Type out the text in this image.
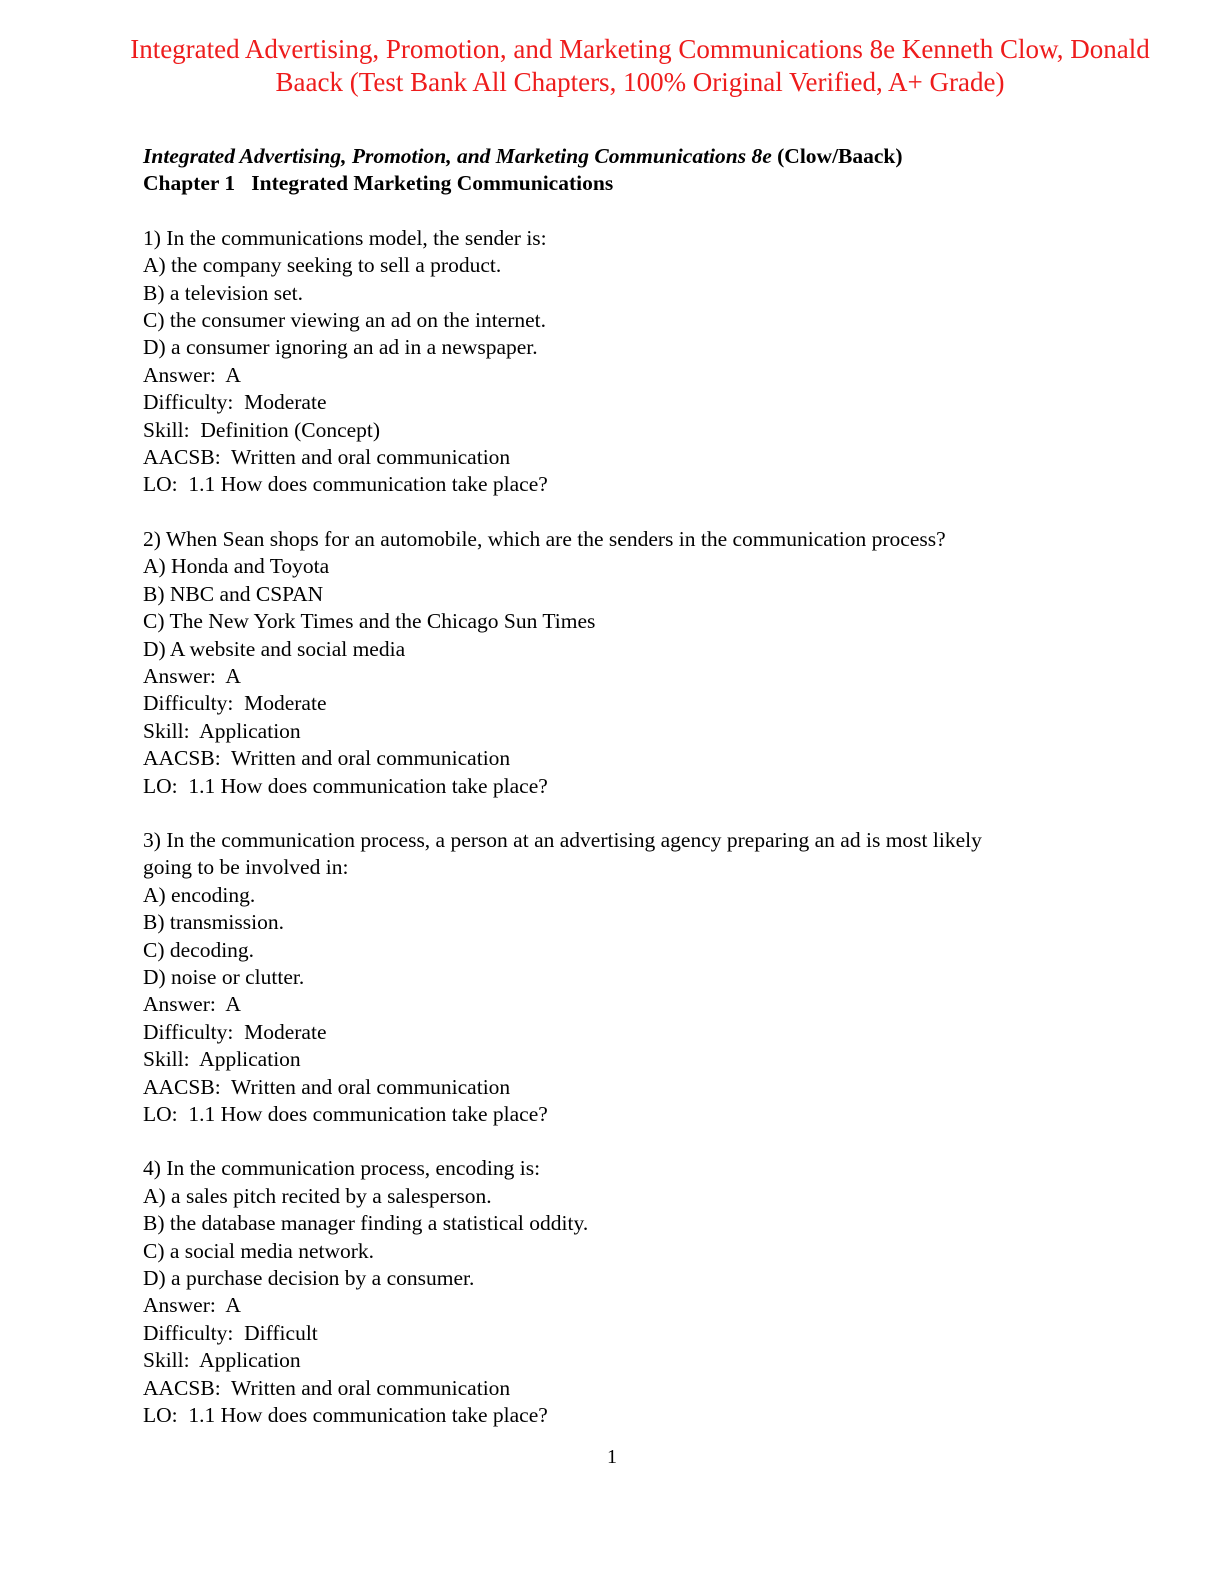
Integrated Advertising, Promotion, and Marketing Communications 8e Kenneth Clow, Donald Baack (Test Bank All Chapters, 100% Original Verified, A+ Grade)
Integrated Advertising, Promotion, and Marketing Communications 8e (Clow/Baack)
Chapter 1   Integrated Marketing Communications
1) In the communications model, the sender is:
A) the company seeking to sell a product.
B) a television set.
C) the consumer viewing an ad on the internet.
D) a consumer ignoring an ad in a newspaper.
Answer:  A
Difficulty:  Moderate
Skill:  Definition (Concept)
AACSB:  Written and oral communication
LO:  1.1 How does communication take place?
2) When Sean shops for an automobile, which are the senders in the communication process?
A) Honda and Toyota
B) NBC and CSPAN
C) The New York Times and the Chicago Sun Times
D) A website and social media
Answer:  A
Difficulty:  Moderate
Skill:  Application
AACSB:  Written and oral communication
LO:  1.1 How does communication take place?
3) In the communication process, a person at an advertising agency preparing an ad is most likely going to be involved in:
A) encoding.
B) transmission.
C) decoding.
D) noise or clutter.
Answer:  A
Difficulty:  Moderate
Skill:  Application
AACSB:  Written and oral communication
LO:  1.1 How does communication take place?
4) In the communication process, encoding is:
A) a sales pitch recited by a salesperson.
B) the database manager finding a statistical oddity.
C) a social media network.
D) a purchase decision by a consumer.
Answer:  A
Difficulty:  Difficult
Skill:  Application
AACSB:  Written and oral communication
LO:  1.1 How does communication take place?
1
